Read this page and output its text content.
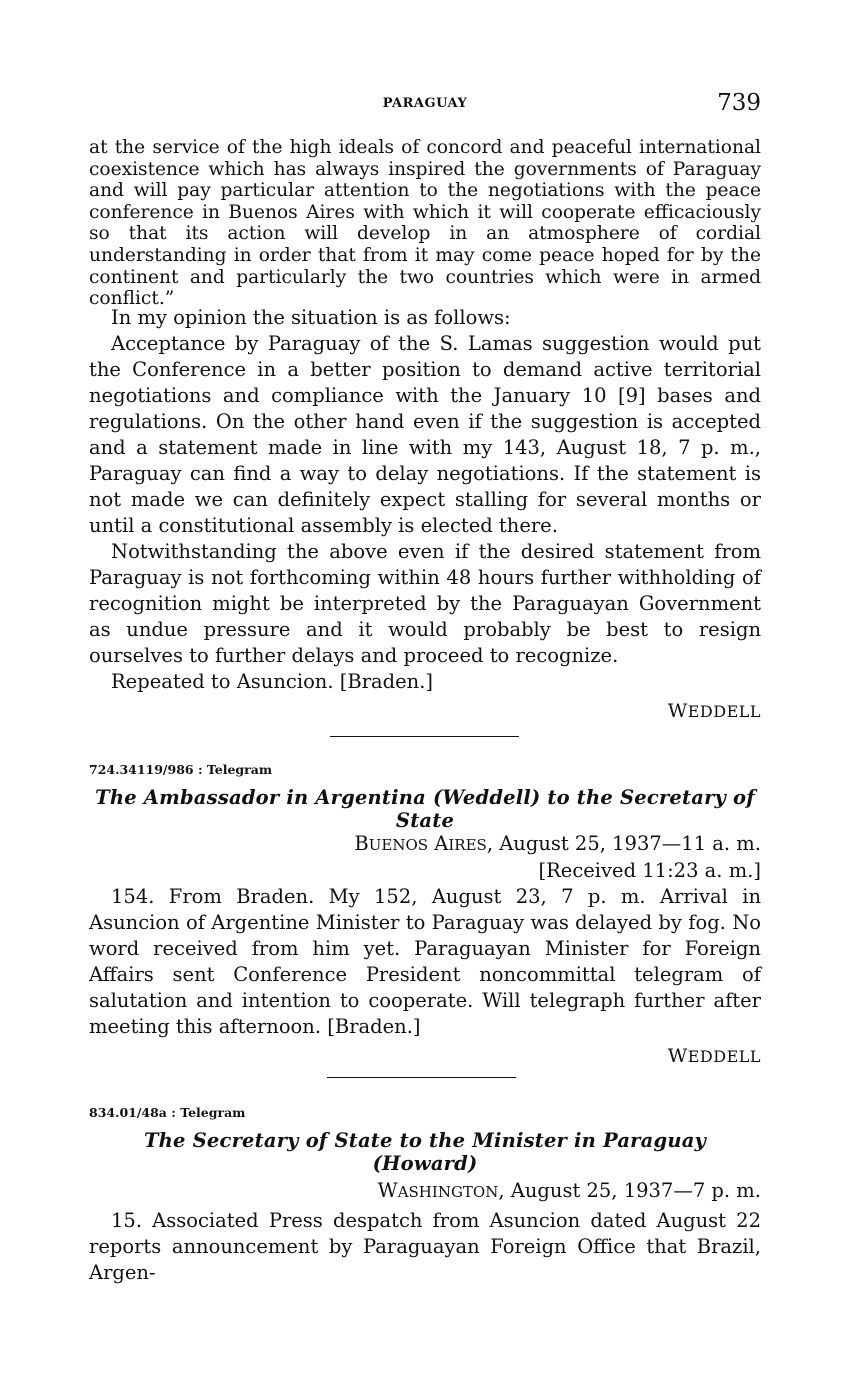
PARAGUAY	739

at the service of the high ideals of concord and peaceful international coexistence which has always inspired the governments of Paraguay and will pay particular attention to the negotiations with the peace conference in Buenos Aires with which it will cooperate efficaciously so that its action will develop in an atmosphere of cordial understanding in order that from it may come peace hoped for by the continent and particularly the two countries which were in armed conflict.”

In my opinion the situation is as follows:

Acceptance by Paraguay of the S. Lamas suggestion would put the Conference in a better position to demand active territorial negotiations and compliance with the January 10 [9] bases and regulations. On the other hand even if the suggestion is accepted and a statement made in line with my 143, August 18, 7 p. m., Paraguay can find a way to delay negotiations. If the statement is not made we can definitely expect stalling for several months or until a constitutional assembly is elected there.

Notwithstanding the above even if the desired statement from Paraguay is not forthcoming within 48 hours further withholding of recognition might be interpreted by the Paraguayan Government as undue pressure and it would probably be best to resign ourselves to further delays and proceed to recognize.

Repeated to Asuncion. [Braden.]

WEDDELL
724.34119/986 : Telegram
The Ambassador in Argentina (Weddell) to the Secretary of State
BUENOS AIRES, August 25, 1937—11 a. m.
[Received 11:23 a. m.]

154. From Braden. My 152, August 23, 7 p. m. Arrival in Asuncion of Argentine Minister to Paraguay was delayed by fog. No word received from him yet. Paraguayan Minister for Foreign Affairs sent Conference President noncommittal telegram of salutation and intention to cooperate. Will telegraph further after meeting this afternoon. [Braden.]

WEDDELL
834.01/48a : Telegram
The Secretary of State to the Minister in Paraguay (Howard)
WASHINGTON, August 25, 1937—7 p. m.

15. Associated Press despatch from Asuncion dated August 22 reports announcement by Paraguayan Foreign Office that Brazil, Argen-
